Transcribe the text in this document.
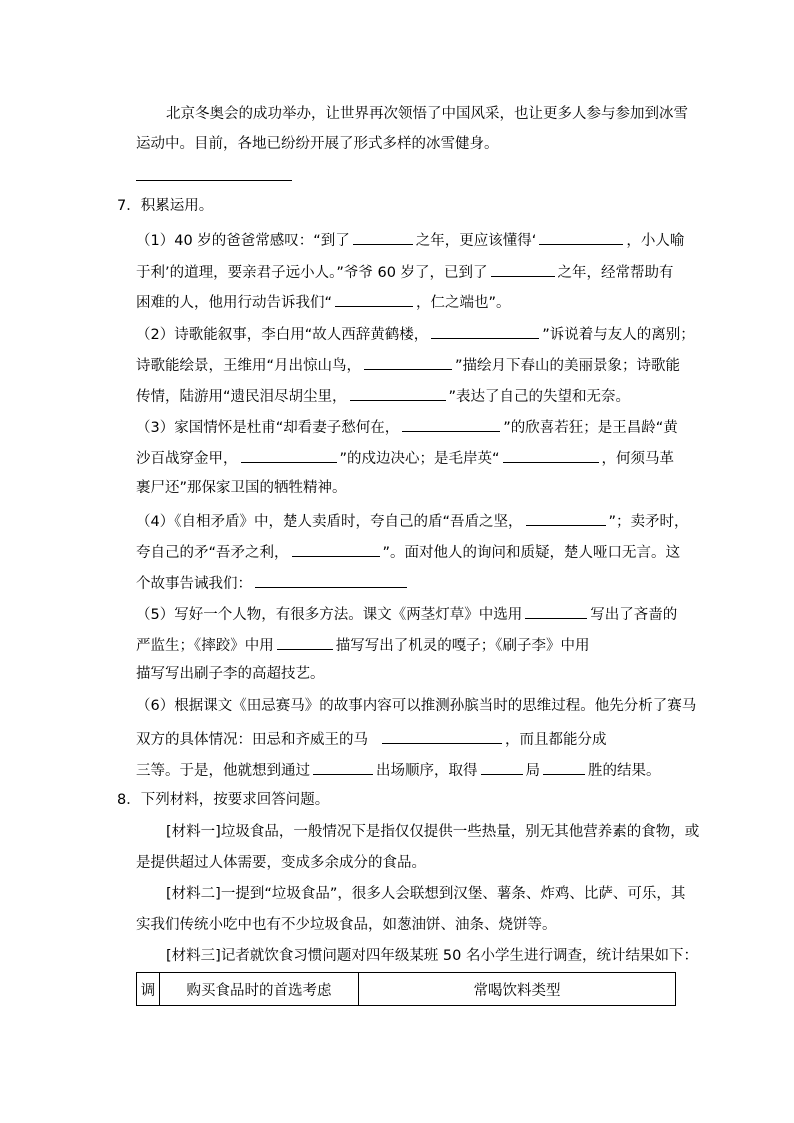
北京冬奥会的成功举办，让世界再次领悟了中国风采，也让更多人参与参加到冰雪
运动中。目前，各地已纷纷开展了形式多样的冰雪健身。
7．积累运用。
（1）40 岁的爸爸常感叹：“到了	之年，更应该懂得‘	，小人喻
于利’的道理，要亲君子远小人。”爷爷 60 岁了，已到了	之年，经常帮助有
困难的人，他用行动告诉我们“	，仁之端也”。
（2）诗歌能叙事，李白用“故人西辞黄鹤楼，	”诉说着与友人的离别；
诗歌能绘景，王维用“月出惊山鸟，	”描绘月下春山的美丽景象；诗歌能
传情，陆游用“遗民泪尽胡尘里，	”表达了自己的失望和无奈。
（3）家国情怀是杜甫“却看妻子愁何在，	”的欣喜若狂；是王昌龄“黄
沙百战穿金甲，	”的戍边决心；是毛岸英“	，何须马革
裹尸还”那保家卫国的牺牲精神。
（4）《自相矛盾》中，楚人卖盾时，夸自己的盾“吾盾之坚，	”；卖矛时，
夸自己的矛“吾矛之利，	”。面对他人的询问和质疑，楚人哑口无言。这
个故事告诫我们：
（5）写好一个人物，有很多方法。课文《两茎灯草》中选用	写出了吝啬的
严监生；《摔跤》中用	描写写出了机灵的嘎子；《刷子李》中用
描写写出刷子李的高超技艺。
（6）根据课文《田忌赛马》的故事内容可以推测孙膑当时的思维过程。他先分析了赛马
双方的具体情况：田忌和齐威王的马	，而且都能分成
三等。于是，他就想到通过	出场顺序，取得	局	胜的结果。
8．下列材料，按要求回答问题。
[材料一]垃圾食品，一般情况下是指仅仅提供一些热量，别无其他营养素的食物，或
是提供超过人体需要，变成多余成分的食品。
[材料二]一提到“垃圾食品”，很多人会联想到汉堡、薯条、炸鸡、比萨、可乐，其
实我们传统小吃中也有不少垃圾食品，如葱油饼、油条、烧饼等。
[材料三]记者就饮食习惯问题对四年级某班 50 名小学生进行调查，统计结果如下：
调	购买食品时的首选考虑	常喝饮料类型
